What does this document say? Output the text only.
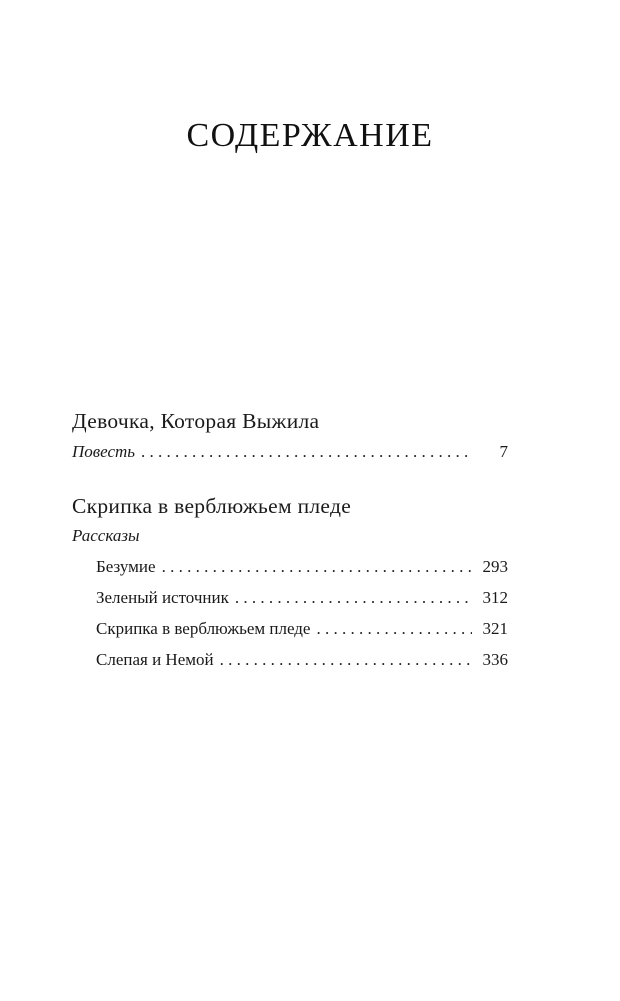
СОДЕРЖАНИЕ
Девочка, Которая Выжила
Повесть . . .	7
Скрипка в верблюжьем пледе
Рассказы
Безумие . . .	293
Зеленый источник . . .	312
Скрипка в верблюжьем пледе . . .	321
Слепая и Немой . . .	336
